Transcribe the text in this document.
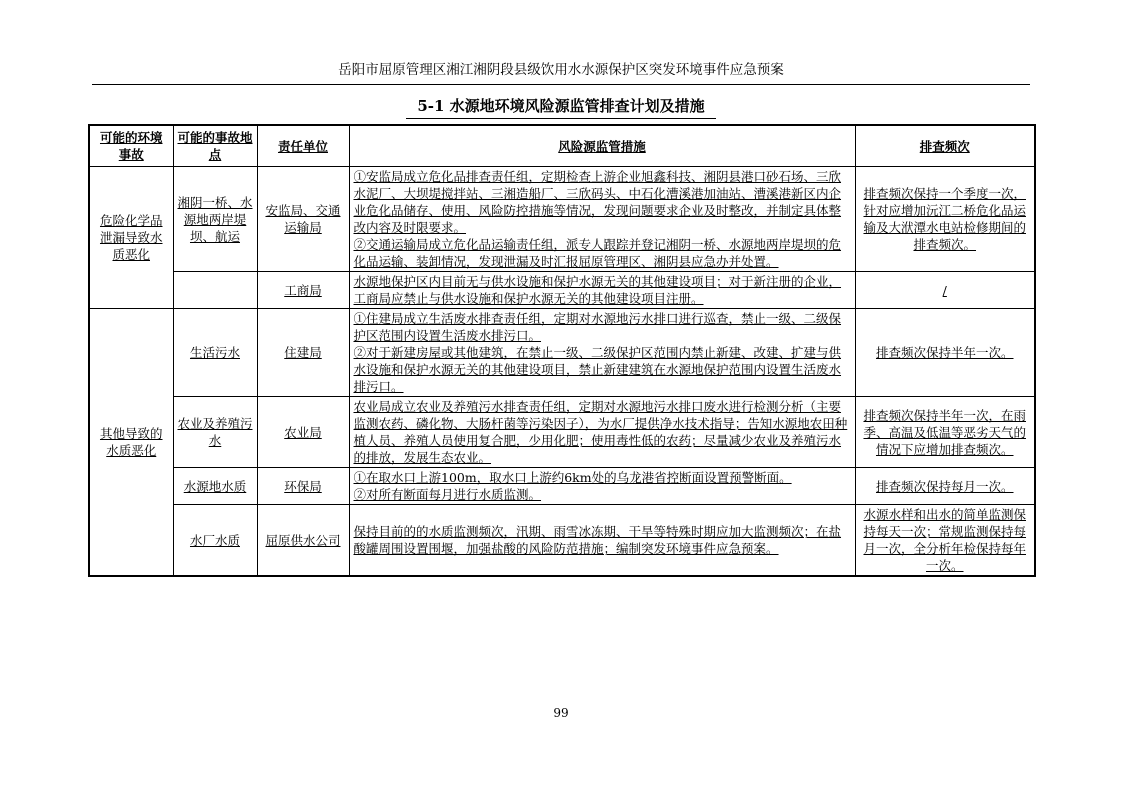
岳阳市屈原管理区湘江湘阴段县级饮用水水源保护区突发环境事件应急预案
5-1 水源地环境风险源监管排查计划及措施
可能的环境事故	可能的事故地点	责任单位	风险源监管措施	排查频次
危险化学品泄漏导致水质恶化	湘阴一桥、水源地两岸堤坝、航运	安监局、交通运输局	①安监局成立危化品排查责任组，定期检查上游企业旭鑫科技、湘阴县港口砂石场、三欣水泥厂、大坝堤搅拌站、三湘造船厂、三欣码头、中石化漕溪港加油站、漕溪港新区内企业危化品储存、使用、风险防控措施等情况，发现问题要求企业及时整改，并制定具体整改内容及时限要求。
②交通运输局成立危化品运输责任组，派专人跟踪并登记湘阴一桥、水源地两岸堤坝的危化品运输、装卸情况，发现泄漏及时汇报屈原管理区、湘阴县应急办并处置。	排查频次保持一个季度一次，针对应增加沅江二桥危化品运输及大洑潭水电站检修期间的排查频次。
		工商局	水源地保护区内目前无与供水设施和保护水源无关的其他建设项目；对于新注册的企业，工商局应禁止与供水设施和保护水源无关的其他建设项目注册。	/
其他导致的水质恶化	生活污水	住建局	①住建局成立生活废水排查责任组，定期对水源地污水排口进行巡查，禁止一级、二级保护区范围内设置生活废水排污口。
②对于新建房屋或其他建筑，在禁止一级、二级保护区范围内禁止新建、改建、扩建与供水设施和保护水源无关的其他建设项目，禁止新建建筑在水源地保护范围内设置生活废水排污口。	排查频次保持半年一次。
	农业及养殖污水	农业局	农业局成立农业及养殖污水排查责任组，定期对水源地污水排口废水进行检测分析（主要监测农药、磷化物、大肠杆菌等污染因子），为水厂提供净水技术指导；告知水源地农田种植人员、养殖人员使用复合肥，少用化肥；使用毒性低的农药；尽量减少农业及养殖污水的排放，发展生态农业。	排查频次保持半年一次，在雨季、高温及低温等恶劣天气的情况下应增加排查频次。
	水源地水质	环保局	①在取水口上游100m，取水口上游约6km处的乌龙港省控断面设置预警断面。
②对所有断面每月进行水质监测。	排查频次保持每月一次。
	水厂水质	屈原供水公司	保持目前的的水质监测频次，汛期、雨雪冰冻期、干旱等特殊时期应加大监测频次；在盐酸罐周围设置围堰，加强盐酸的风险防范措施；编制突发环境事件应急预案。	水源水样和出水的简单监测保持每天一次；常规监测保持每月一次，全分析年检保持每年一次。
99
